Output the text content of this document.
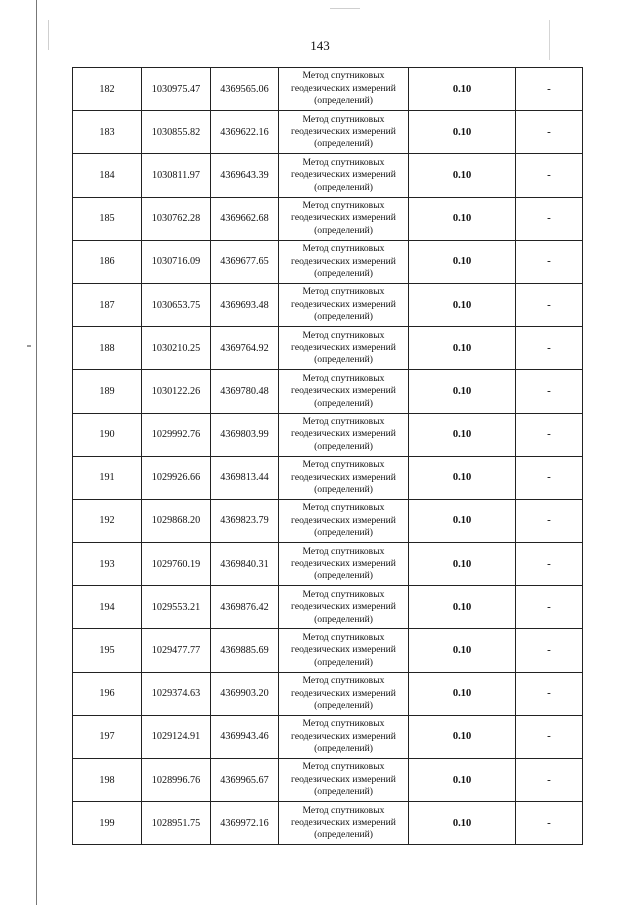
143
182	1030975.47	4369565.06	Метод спутниковых геодезических измерений (определений)	0.10	-
183	1030855.82	4369622.16	Метод спутниковых геодезических измерений (определений)	0.10	-
184	1030811.97	4369643.39	Метод спутниковых геодезических измерений (определений)	0.10	-
185	1030762.28	4369662.68	Метод спутниковых геодезических измерений (определений)	0.10	-
186	1030716.09	4369677.65	Метод спутниковых геодезических измерений (определений)	0.10	-
187	1030653.75	4369693.48	Метод спутниковых геодезических измерений (определений)	0.10	-
188	1030210.25	4369764.92	Метод спутниковых геодезических измерений (определений)	0.10	-
189	1030122.26	4369780.48	Метод спутниковых геодезических измерений (определений)	0.10	-
190	1029992.76	4369803.99	Метод спутниковых геодезических измерений (определений)	0.10	-
191	1029926.66	4369813.44	Метод спутниковых геодезических измерений (определений)	0.10	-
192	1029868.20	4369823.79	Метод спутниковых геодезических измерений (определений)	0.10	-
193	1029760.19	4369840.31	Метод спутниковых геодезических измерений (определений)	0.10	-
194	1029553.21	4369876.42	Метод спутниковых геодезических измерений (определений)	0.10	-
195	1029477.77	4369885.69	Метод спутниковых геодезических измерений (определений)	0.10	-
196	1029374.63	4369903.20	Метод спутниковых геодезических измерений (определений)	0.10	-
197	1029124.91	4369943.46	Метод спутниковых геодезических измерений (определений)	0.10	-
198	1028996.76	4369965.67	Метод спутниковых геодезических измерений (определений)	0.10	-
199	1028951.75	4369972.16	Метод спутниковых геодезических измерений (определений)	0.10	-
